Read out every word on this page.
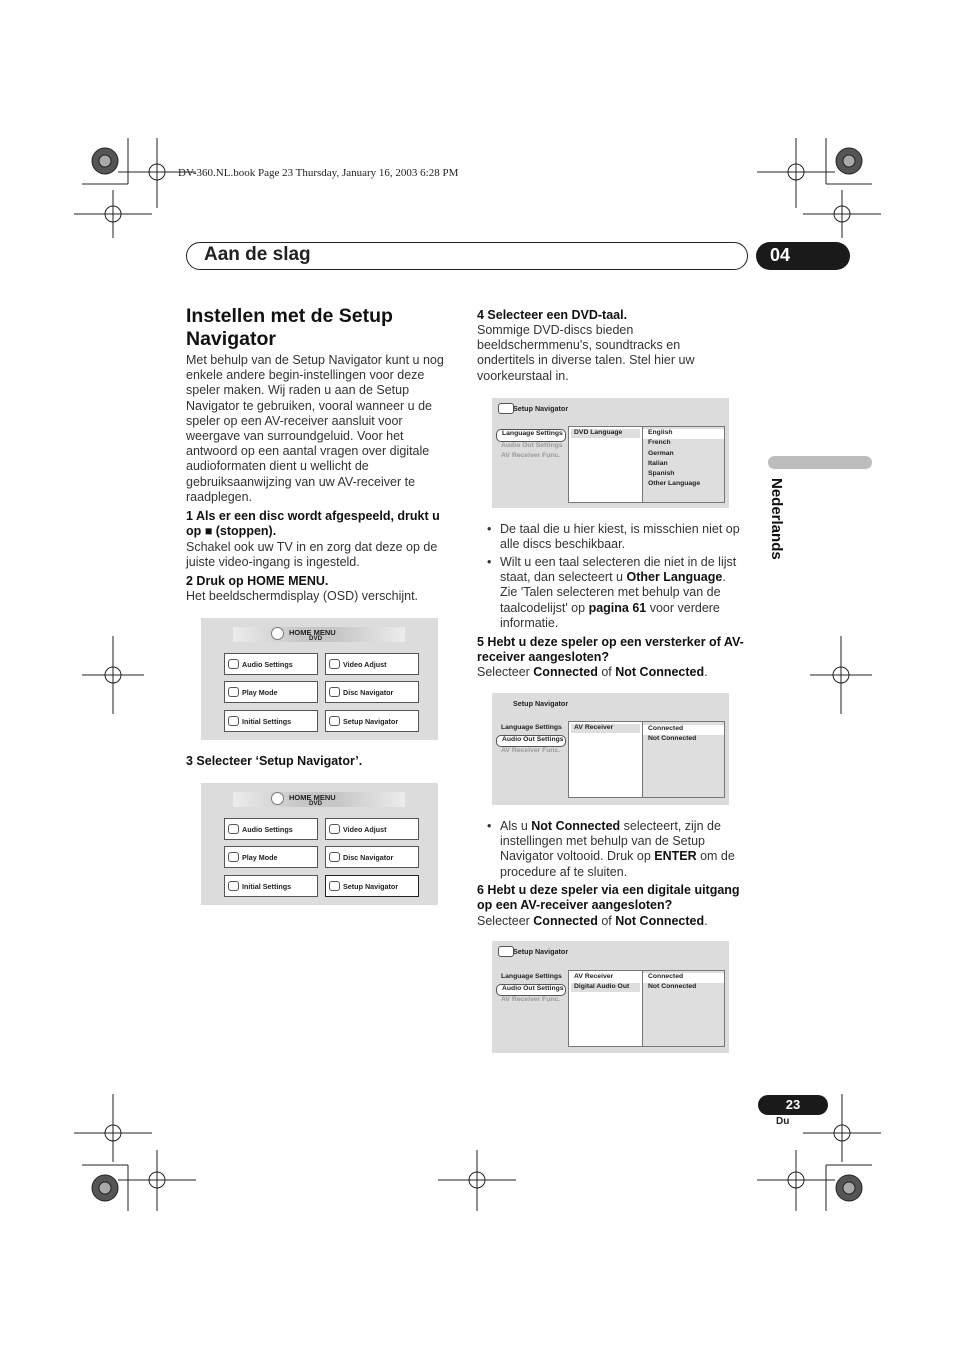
DV-360.NL.book Page 23 Thursday, January 16, 2003 6:28 PM
Aan de slag	04
Nederlands
Instellen met de Setup Navigator
Met behulp van de Setup Navigator kunt u nog enkele andere begin-instellingen voor deze speler maken. Wij raden u aan de Setup Navigator te gebruiken, vooral wanneer u de speler op een AV-receiver aansluit voor weergave van surroundgeluid. Voor het antwoord op een aantal vragen over digitale audioformaten dient u wellicht de gebruiksaanwijzing van uw AV-receiver te raadplegen.
1 Als er een disc wordt afgespeeld, drukt u op ■ (stoppen).
Schakel ook uw TV in en zorg dat deze op de juiste video-ingang is ingesteld.
2 Druk op HOME MENU.
Het beeldschermdisplay (OSD) verschijnt.
HOME MENU
DVD
Audio Settings	Video Adjust
Play Mode	Disc Navigator
Initial Settings	Setup Navigator
3 Selecteer ‘Setup Navigator’.
HOME MENU
DVD
Audio Settings	Video Adjust
Play Mode	Disc Navigator
Initial Settings	Setup Navigator
4 Selecteer een DVD-taal.
Sommige DVD-discs bieden beeldschermmenu's, soundtracks en ondertitels in diverse talen. Stel hier uw voorkeurstaal in.
Setup Navigator
Language Settings
Audio Out Settings
AV Receiver Func.
DVD Language	English
French
German
Italian
Spanish
Other Language
• De taal die u hier kiest, is misschien niet op alle discs beschikbaar.
• Wilt u een taal selecteren die niet in de lijst staat, dan selecteert u Other Language. Zie 'Talen selecteren met behulp van de taalcodelijst' op pagina 61 voor verdere informatie.
5 Hebt u deze speler op een versterker of AV-receiver aangesloten?
Selecteer Connected of Not Connected.
Setup Navigator
Language Settings
Audio Out Settings
AV Receiver Func.
AV Receiver	Connected
Not Connected
• Als u Not Connected selecteert, zijn de instellingen met behulp van de Setup Navigator voltooid. Druk op ENTER om de procedure af te sluiten.
6 Hebt u deze speler via een digitale uitgang op een AV-receiver aangesloten?
Selecteer Connected of Not Connected.
Setup Navigator
Language Settings
Audio Out Settings
AV Receiver Func.
AV Receiver
Digital Audio Out
Connected
Not Connected
23
Du
